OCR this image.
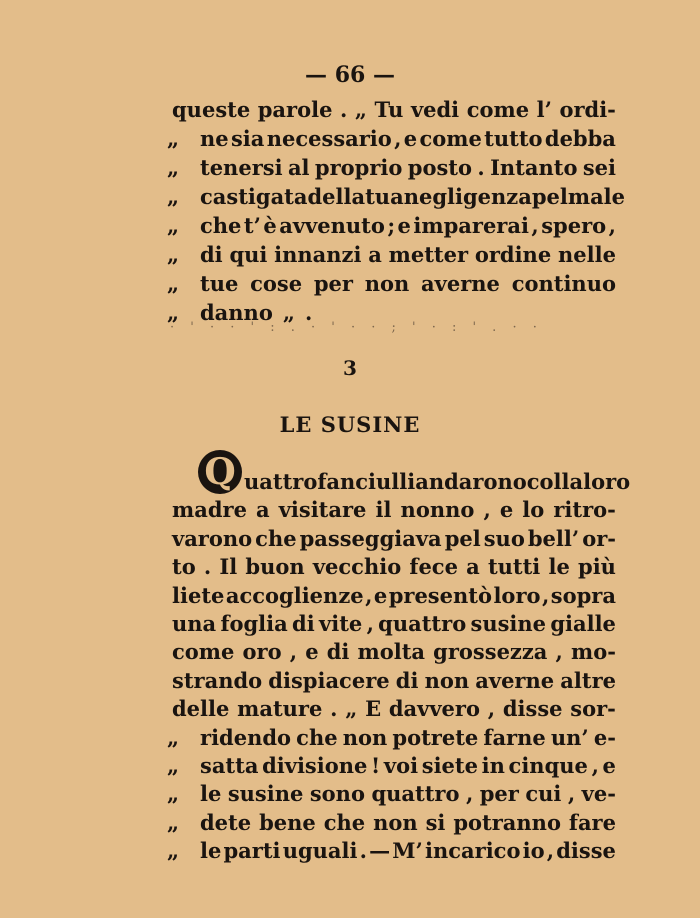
— 66 —
queste parole . „ Tu vedi come l’ ordi-
„ ne sia necessario , e come tutto debba
„ tenersi al proprio posto . Intanto sei
„ castigata della tua negligenza pel male
„ che t’ è avvenuto ; e imparerai , spero ,
„ di qui innanzi a metter ordine nelle
„ tue cose per non averne continuo
„ danno „ .
· ' · · ' : . · ' · · ; ' · : ' . · ·
3
LE SUSINE
Q uattro fanciulli andarono colla loro
madre a visitare il nonno , e lo ritro-
varono che passeggiava pel suo bell’ or-
to . Il buon vecchio fece a tutti le più
liete accoglienze , e presentò loro , sopra
una foglia di vite , quattro susine gialle
come oro , e di molta grossezza , mo-
strando dispiacere di non averne altre
delle mature . „ E davvero , disse sor-
„ ridendo che non potrete farne un’ e-
„ satta divisione ! voi siete in cinque , e
„ le susine sono quattro , per cui , ve-
„ dete bene che non si potranno fare
„ le parti uguali . — M’ incarico io , disse
